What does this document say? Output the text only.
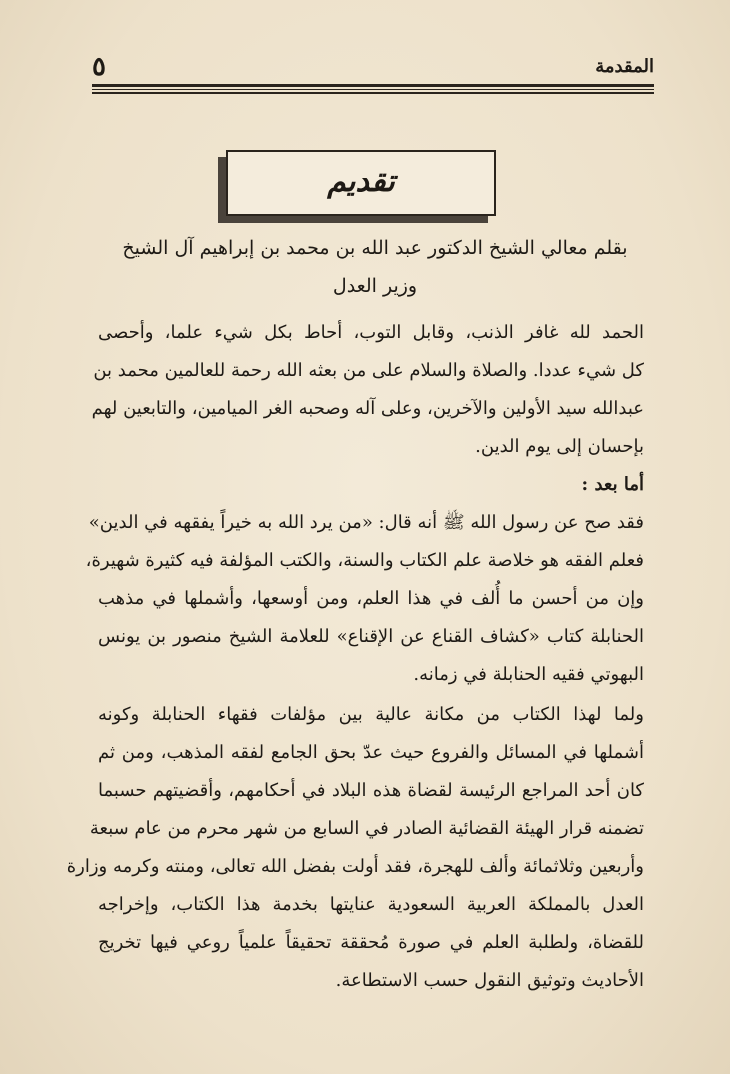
٥	المقدمة
تقديم
بقلم معالي الشيخ الدكتور عبد الله بن محمد بن إبراهيم آل الشيخ
وزير العدل
الحمد لله غافر الذنب، وقابل التوب، أحاط بكل شيء علما، وأحصى
كل شيء عددا. والصلاة والسلام على من بعثه الله رحمة للعالمين محمد بن
عبدالله سيد الأولين والآخرين، وعلى آله وصحبه الغر الميامين، والتابعين لهم
بإحسان إلى يوم الدين.
أما بعد :
فقد صح عن رسول الله ﷺ أنه قال: «من يرد الله به خيراً يفقهه في الدين»
فعلم الفقه هو خلاصة علم الكتاب والسنة، والكتب المؤلفة فيه كثيرة شهيرة،
وإن من أحسن ما أُلف في هذا العلم، ومن أوسعها، وأشملها في مذهب
الحنابلة كتاب «كشاف القناع عن الإقناع» للعلامة الشيخ منصور بن يونس
البهوتي فقيه الحنابلة في زمانه.
ولما لهذا الكتاب من مكانة عالية بين مؤلفات فقهاء الحنابلة وكونه
أشملها في المسائل والفروع حيث عدّ بحق الجامع لفقه المذهب، ومن ثم
كان أحد المراجع الرئيسة لقضاة هذه البلاد في أحكامهم، وأقضيتهم حسبما
تضمنه قرار الهيئة القضائية الصادر في السابع من شهر محرم من عام سبعة
وأربعين وثلاثمائة وألف للهجرة، فقد أولت بفضل الله تعالى، ومنته وكرمه وزارة
العدل بالمملكة العربية السعودية عنايتها بخدمة هذا الكتاب، وإخراجه
للقضاة، ولطلبة العلم في صورة مُحققة تحقيقاً علمياً روعي فيها تخريج
الأحاديث وتوثيق النقول حسب الاستطاعة.
